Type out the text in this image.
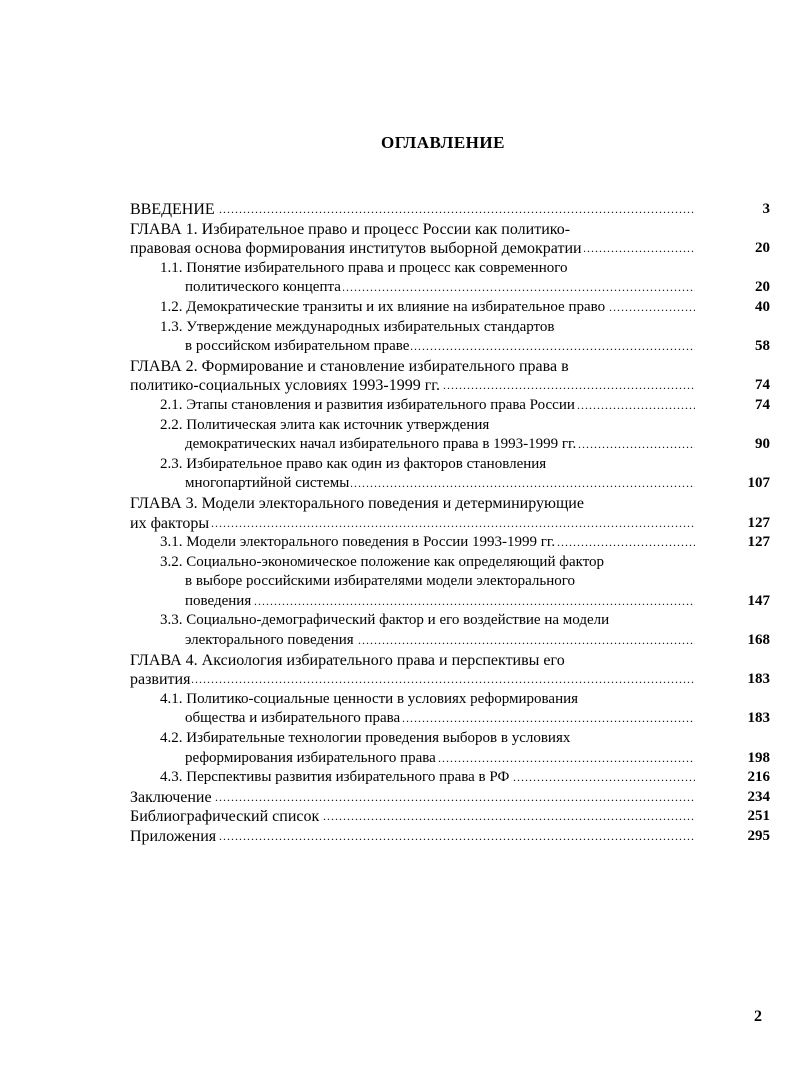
ОГЛАВЛЕНИЕ
.....
ВВЕДЕНИЕ	3
ГЛАВА 1. Избирательное право и процесс России как политико-
.....
правовая основа формирования институтов выборной демократии	20
1.1. Понятие избирательного права и процесс как современного
.....
политического концепта	20
.....
1.2. Демократические транзиты и их влияние на избирательное право	40
1.3. Утверждение международных избирательных стандартов
.....
в российском избирательном праве	58
ГЛАВА 2. Формирование и становление избирательного права в
.....
политико-социальных условиях 1993-1999 гг.	74
.....
2.1. Этапы становления и развития избирательного права России	74
2.2. Политическая элита как источник утверждения
.....
демократических начал избирательного права в 1993-1999 гг.	90
2.3. Избирательное право как один из факторов становления
.....
многопартийной системы	107
ГЛАВА 3. Модели электорального поведения и детерминирующие
.....
их факторы	127
.....
3.1. Модели электорального поведения в России 1993-1999 гг.	127
3.2. Социально-экономическое положение как определяющий фактор
в выборе российскими избирателями модели электорального
.....
поведения	147
3.3. Социально-демографический фактор и его воздействие на модели
.....
электорального поведения	168
ГЛАВА 4. Аксиология избирательного права и перспективы его
.....
развития	183
4.1. Политико-социальные ценности в условиях реформирования
.....
общества и избирательного права	183
4.2. Избирательные технологии проведения выборов в условиях
.....
реформирования избирательного права	198
.....
4.3. Перспективы развития избирательного права в РФ	216
.....
Заключение	234
.....
Библиографический список	251
.....
Приложения	295
2
